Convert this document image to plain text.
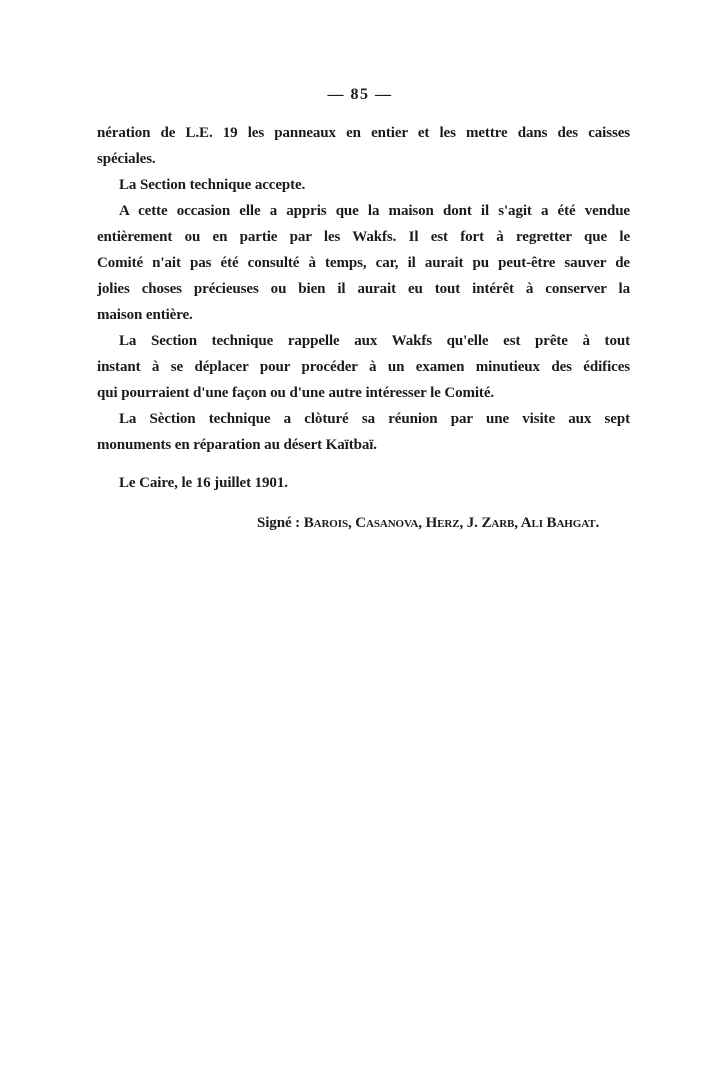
— 85 —
nération de L.E. 19 les panneaux en entier et les mettre dans des caisses
spéciales.
La Section technique accepte.
A cette occasion elle a appris que la maison dont il s'agit a été vendue
entièrement ou en partie par les Wakfs. Il est fort à regretter que le
Comité n'ait pas été consulté à temps, car, il aurait pu peut-être sauver de
jolies choses précieuses ou bien il aurait eu tout intérêt à conserver la
maison entière.
La Section technique rappelle aux Wakfs qu'elle est prête à tout
instant à se déplacer pour procéder à un examen minutieux des édifices
qui pourraient d'une façon ou d'une autre intéresser le Comité.
La Sèction technique a clòturé sa réunion par une visite aux sept
monuments en réparation au désert Kaïtbaï.
Le Caire, le 16 juillet 1901.
Signé : Barois, Casanova, Herz, J. Zarb, Ali Bahgat.
